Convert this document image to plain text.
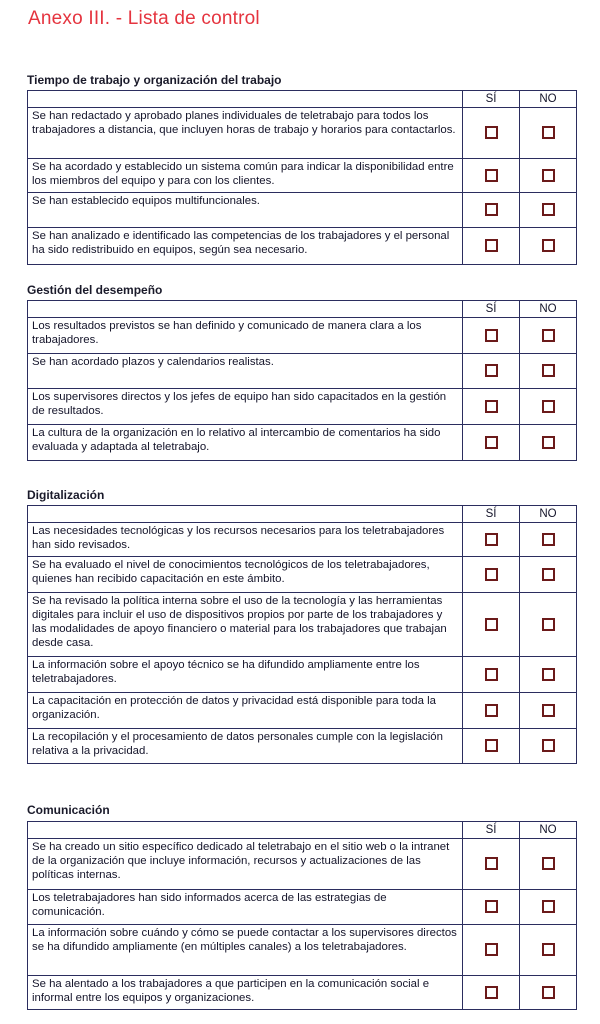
Anexo III. - Lista de control
Tiempo de trabajo y organización del trabajo
	SÍ	NO
Se han redactado y aprobado planes individuales de teletrabajo para todos los trabajadores a distancia, que incluyen horas de trabajo y horarios para contactarlos.		
Se ha acordado y establecido un sistema común para indicar la disponibilidad entre los miembros del equipo y para con los clientes.		
Se han establecido equipos multifuncionales.		
Se han analizado e identificado las competencias de los trabajadores y el personal ha sido redistribuido en equipos, según sea necesario.		
Gestión del desempeño
	SÍ	NO
Los resultados previstos se han definido y comunicado de manera clara a los trabajadores.		
Se han acordado plazos y calendarios realistas.		
Los supervisores directos y los jefes de equipo han sido capacitados en la gestión de resultados.		
La cultura de la organización en lo relativo al intercambio de comentarios ha sido evaluada y adaptada al teletrabajo.		
Digitalización
	SÍ	NO
Las necesidades tecnológicas y los recursos necesarios para los teletrabajadores han sido revisados.		
Se ha evaluado el nivel de conocimientos tecnológicos de los teletrabajadores, quienes han recibido capacitación en este ámbito.		
Se ha revisado la política interna sobre el uso de la tecnología y las herramientas digitales para incluir el uso de dispositivos propios por parte de los trabajadores y las modalidades de apoyo financiero o material para los trabajadores que trabajan desde casa.		
La información sobre el apoyo técnico se ha difundido ampliamente entre los teletrabajadores.		
La capacitación en protección de datos y privacidad está disponible para toda la organización.		
La recopilación y el procesamiento de datos personales cumple con la legislación relativa a la privacidad.		
Comunicación
	SÍ	NO
Se ha creado un sitio específico dedicado al teletrabajo en el sitio web o la intranet de la organización que incluye información, recursos y actualizaciones de las políticas internas.		
Los teletrabajadores han sido informados acerca de las estrategias de comunicación.		
La información sobre cuándo y cómo se puede contactar a los supervisores directos se ha difundido ampliamente (en múltiples canales) a los teletrabajadores.		
Se ha alentado a los trabajadores a que participen en la comunicación social e informal entre los equipos y organizaciones.		
